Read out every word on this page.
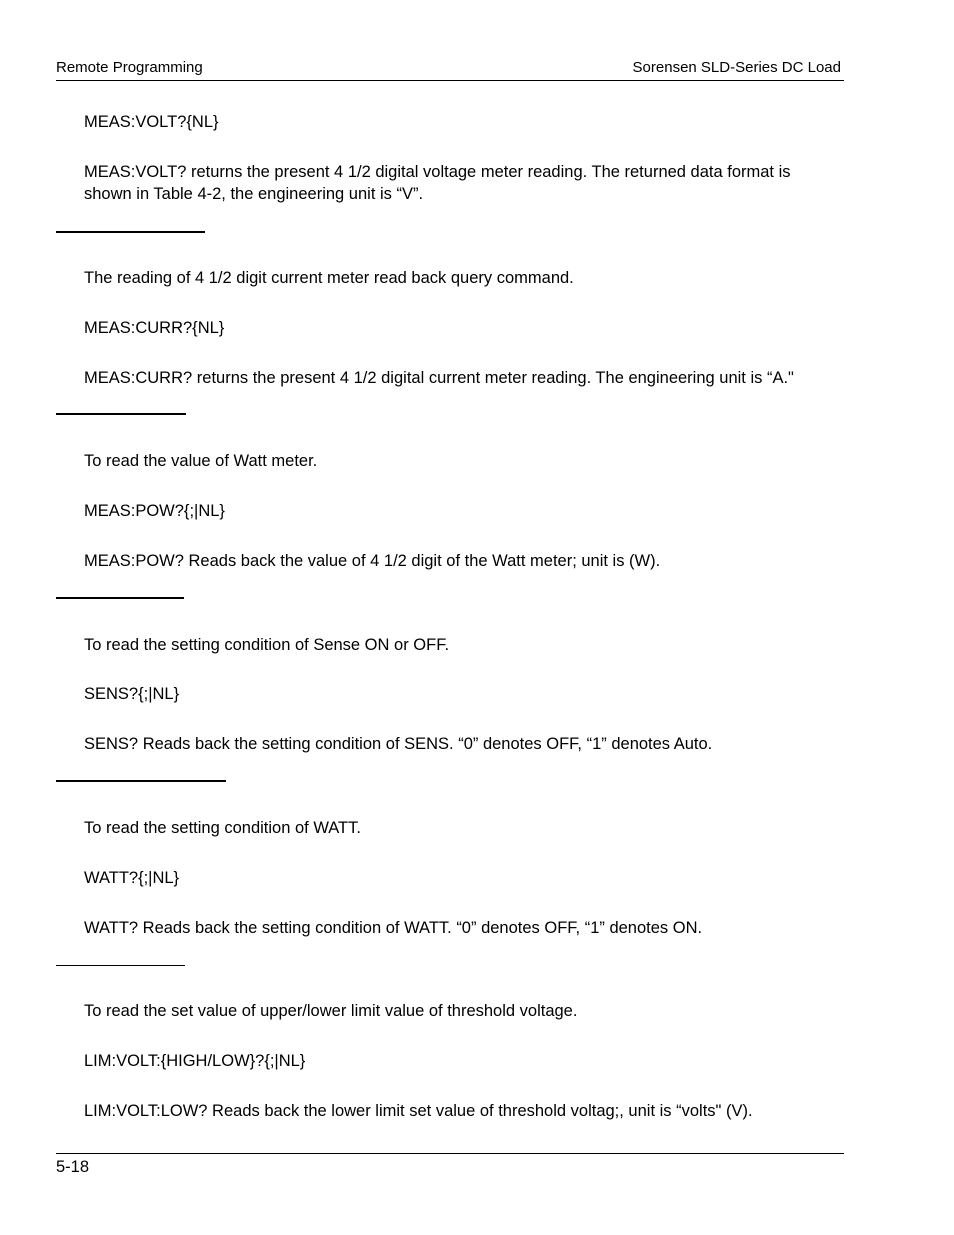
Remote Programming	Sorensen SLD-Series DC Load
MEAS:VOLT?{NL}
MEAS:VOLT? returns the present 4 1/2 digital voltage meter reading. The returned data format is shown in Table 4-2, the engineering unit is “V”.
The reading of 4 1/2 digit current meter read back query command.
MEAS:CURR?{NL}
MEAS:CURR? returns the present 4 1/2 digital current meter reading. The engineering unit is “A."
To read the value of Watt meter.
MEAS:POW?{;|NL}
MEAS:POW? Reads back the value of 4 1/2 digit of the Watt meter; unit is (W).
To read the setting condition of Sense ON or OFF.
SENS?{;|NL}
SENS? Reads back the setting condition of SENS. “0” denotes OFF, “1” denotes Auto.
To read the setting condition of WATT.
WATT?{;|NL}
WATT? Reads back the setting condition of WATT. “0” denotes OFF, “1” denotes ON.
To read the set value of upper/lower limit value of threshold voltage.
LIM:VOLT:{HIGH/LOW}?{;|NL}
LIM:VOLT:LOW? Reads back the lower limit set value of threshold voltag;, unit is “volts" (V).
5-18
